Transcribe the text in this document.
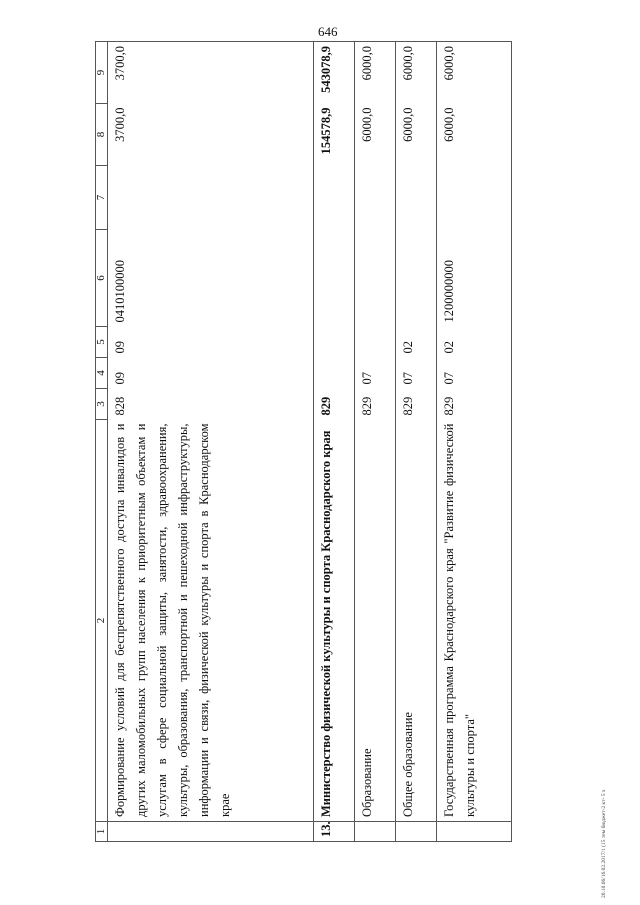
646
20.10.06/16.02.2017/1 (15 тем бюджет-2 кт- 5 х
1	2	3	4	5	6	7	8	9
	Формирование условий для беспрепятственного доступа инвалидов и других маломобильных групп населения к приоритетным объектам и услугам в сфере социальной защиты, занятости, здравоохранения, культуры, образования, транспортной и пешеходной инфраструктуры, информации и связи, физической культуры и спорта в Краснодарском крае	828	09	09	0410100000		3700,0	3700,0
13.	Министерство физической культуры и спорта Краснодарского края	829					154578,9	543078,9
	Образование	829	07				6000,0	6000,0
	Общее образование	829	07	02			6000,0	6000,0
	Государственная программа Краснодарского края "Развитие физической культуры и спорта"	829	07	02	1200000000		6000,0	6000,0
